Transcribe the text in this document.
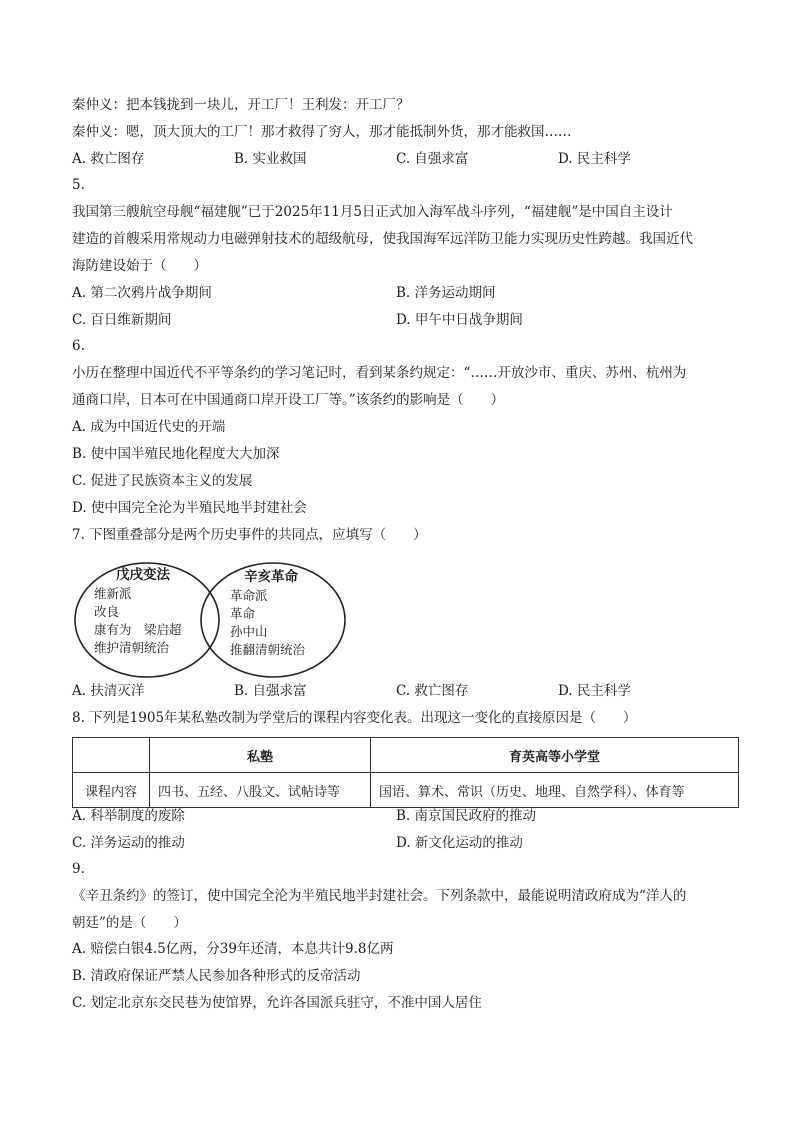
秦仲义：把本钱拢到一块儿，开工厂！王利发：开工厂？
秦仲义：嗯，顶大顶大的工厂！那才救得了穷人，那才能抵制外货，那才能救国……
A. 救亡图存	B. 实业救国	C. 自强求富	D. 民主科学
5.
我国第三艘航空母舰“福建舰”已于2025年11月5日正式加入海军战斗序列，“福建舰”是中国自主设计
建造的首艘采用常规动力电磁弹射技术的超级航母，使我国海军远洋防卫能力实现历史性跨越。我国近代
海防建设始于（　　）
A. 第二次鸦片战争期间	B. 洋务运动期间
C. 百日维新期间	D. 甲午中日战争期间
6.
小历在整理中国近代不平等条约的学习笔记时，看到某条约规定：“……开放沙市、重庆、苏州、杭州为
通商口岸，日本可在中国通商口岸开设工厂等。”该条约的影响是（　　）
A. 成为中国近代史的开端
B. 使中国半殖民地化程度大大加深
C. 促进了民族资本主义的发展
D. 使中国完全沦为半殖民地半封建社会
7. 下图重叠部分是两个历史事件的共同点，应填写（　　）
戊戌变法
维新派
改良
康有为　梁启超
维护清朝统治
辛亥革命
革命派
革命
孙中山
推翻清朝统治
A. 扶清灭洋	B. 自强求富	C. 救亡图存	D. 民主科学
8. 下列是1905年某私塾改制为学堂后的课程内容变化表。出现这一变化的直接原因是（　　）
	私塾	育英高等小学堂
课程内容	四书、五经、八股文、试帖诗等	国语、算术、常识（历史、地理、自然学科）、体育等
A. 科举制度的废除	B. 南京国民政府的推动
C. 洋务运动的推动	D. 新文化运动的推动
9.
《辛丑条约》的签订，使中国完全沦为半殖民地半封建社会。下列条款中，最能说明清政府成为“洋人的
朝廷”的是（　　）
A. 赔偿白银4.5亿两，分39年还清，本息共计9.8亿两
B. 清政府保证严禁人民参加各种形式的反帝活动
C. 划定北京东交民巷为使馆界，允许各国派兵驻守，不准中国人居住
